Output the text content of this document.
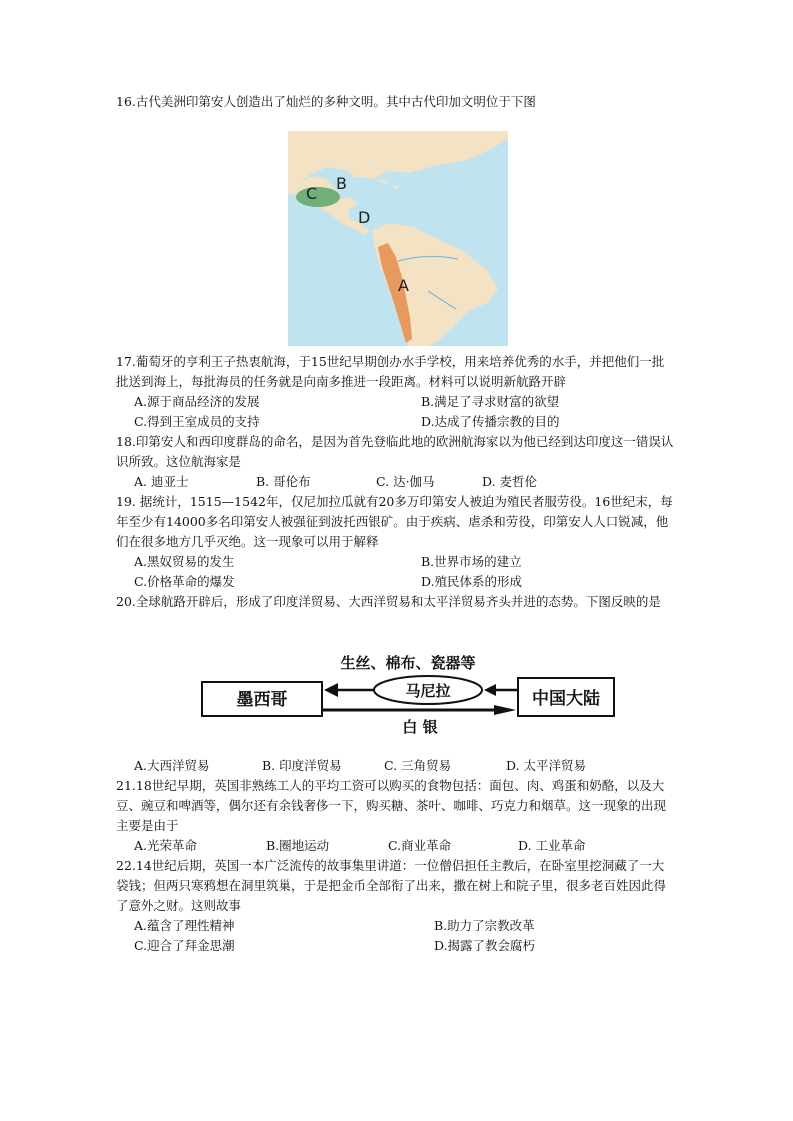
16.古代美洲印第安人创造出了灿烂的多种文明。其中古代印加文明位于下图

C
B
D
A

17.葡萄牙的亨利王子热衷航海，于15世纪早期创办水手学校，用来培养优秀的水手，并把他们一批批送到海上，每批海员的任务就是向南多推进一段距离。材料可以说明新航路开辟

A.源于商品经济的发展	B.满足了寻求财富的欲望
C.得到王室成员的支持	D.达成了传播宗教的目的

18.印第安人和西印度群岛的命名，是因为首先登临此地的欧洲航海家以为他已经到达印度这一错误认识所致。这位航海家是

A. 迪亚士	B. 哥伦布	C. 达·伽马	D. 麦哲伦

19. 据统计，1515—1542年，仅尼加拉瓜就有20多万印第安人被迫为殖民者服劳役。16世纪末，每年至少有14000多名印第安人被强征到波托西银矿。由于疾病、虐杀和劳役，印第安人人口锐减，他们在很多地方几乎灭绝。这一现象可以用于解释

A.黑奴贸易的发生	B.世界市场的建立
C.价格革命的爆发	D.殖民体系的形成

20.全球航路开辟后，形成了印度洋贸易、大西洋贸易和太平洋贸易齐头并进的态势。下图反映的是

生丝、棉布、瓷器等
墨西哥	中国大陆
马尼拉
白 银
A.大西洋贸易	B. 印度洋贸易	C. 三角贸易	D. 太平洋贸易

21.18世纪早期，英国非熟练工人的平均工资可以购买的食物包括：面包、肉、鸡蛋和奶酪，以及大豆、豌豆和啤酒等，偶尔还有余钱奢侈一下，购买糖、茶叶、咖啡、巧克力和烟草。这一现象的出现主要是由于

A.光荣革命	B.圈地运动	C.商业革命	D. 工业革命

22.14世纪后期，英国一本广泛流传的故事集里讲道：一位僧侣担任主教后，在卧室里挖洞藏了一大袋钱；但两只寒鸦想在洞里筑巢，于是把金币全部衔了出来，撒在树上和院子里，很多老百姓因此得了意外之财。这则故事

A.蕴含了理性精神	B.助力了宗教改革
C.迎合了拜金思潮	D.揭露了教会腐朽
